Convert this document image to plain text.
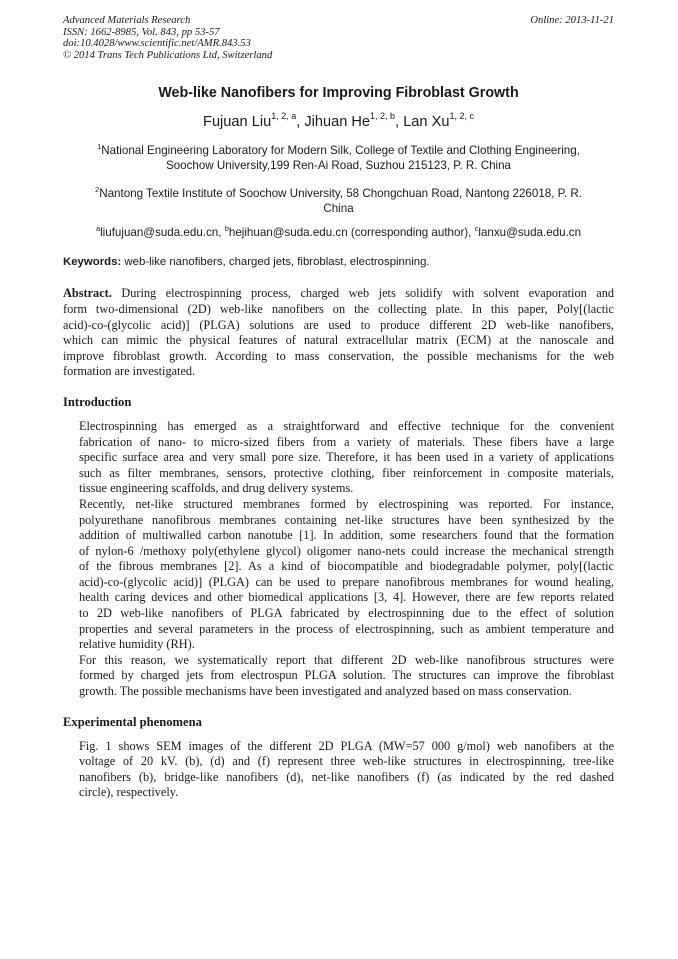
Advanced Materials Research	Online: 2013-11-21
ISSN: 1662-8985, Vol. 843, pp 53-57
doi:10.4028/www.scientific.net/AMR.843.53
© 2014 Trans Tech Publications Ltd, Switzerland
Web-like Nanofibers for Improving Fibroblast Growth
Fujuan Liu$^{1, 2, a}$, Jihuan He$^{1, 2, b}$, Lan Xu$^{1, 2, c}$
$^1$National Engineering Laboratory for Modern Silk, College of Textile and Clothing Engineering,
Soochow University,199 Ren-Ai Road, Suzhou 215123, P. R. China
$^2$Nantong Textile Institute of Soochow University, 58 Chongchuan Road, Nantong 226018, P. R.
China
$^a$liufujuan@suda.edu.cn, $^b$hejihuan@suda.edu.cn (corresponding author), $^c$lanxu@suda.edu.cn
Keywords: web-like nanofibers, charged jets, fibroblast, electrospinning.
Abstract. During electrospinning process, charged web jets solidify with solvent evaporation and
form two-dimensional (2D) web-like nanofibers on the collecting plate. In this paper, Poly[(lactic
acid)-co-(glycolic acid)] (PLGA) solutions are used to produce different 2D web-like nanofibers,
which can mimic the physical features of natural extracellular matrix (ECM) at the nanoscale and
improve fibroblast growth. According to mass conservation, the possible mechanisms for the web
formation are investigated.
Introduction
Electrospinning has emerged as a straightforward and effective technique for the convenient
fabrication of nano- to micro-sized fibers from a variety of materials. These fibers have a large
specific surface area and very small pore size. Therefore, it has been used in a variety of applications
such as filter membranes, sensors, protective clothing, fiber reinforcement in composite materials,
tissue engineering scaffolds, and drug delivery systems.
Recently, net-like structured membranes formed by electrospining was reported. For instance,
polyurethane nanofibrous membranes containing net-like structures have been synthesized by the
addition of multiwalled carbon nanotube [1]. In addition, some researchers found that the formation
of nylon-6 /methoxy poly(ethylene glycol) oligomer nano-nets could increase the mechanical strength
of the fibrous membranes [2]. As a kind of biocompatible and biodegradable polymer, poly[(lactic
acid)-co-(glycolic acid)] (PLGA) can be used to prepare nanofibrous membranes for wound healing,
health caring devices and other biomedical applications [3, 4]. However, there are few reports related
to 2D web-like nanofibers of PLGA fabricated by electrospinning due to the effect of solution
properties and several parameters in the process of electrospinning, such as ambient temperature and
relative humidity (RH).
For this reason, we systematically report that different 2D web-like nanofibrous structures were
formed by charged jets from electrospun PLGA solution. The structures can improve the fibroblast
growth. The possible mechanisms have been investigated and analyzed based on mass conservation.
Experimental phenomena
Fig. 1 shows SEM images of the different 2D PLGA (MW=57 000 g/mol) web nanofibers at the
voltage of 20 kV. (b), (d) and (f) represent three web-like structures in electrospinning, tree-like
nanofibers (b), bridge-like nanofibers (d), net-like nanofibers (f) (as indicated by the red dashed
circle), respectively.
